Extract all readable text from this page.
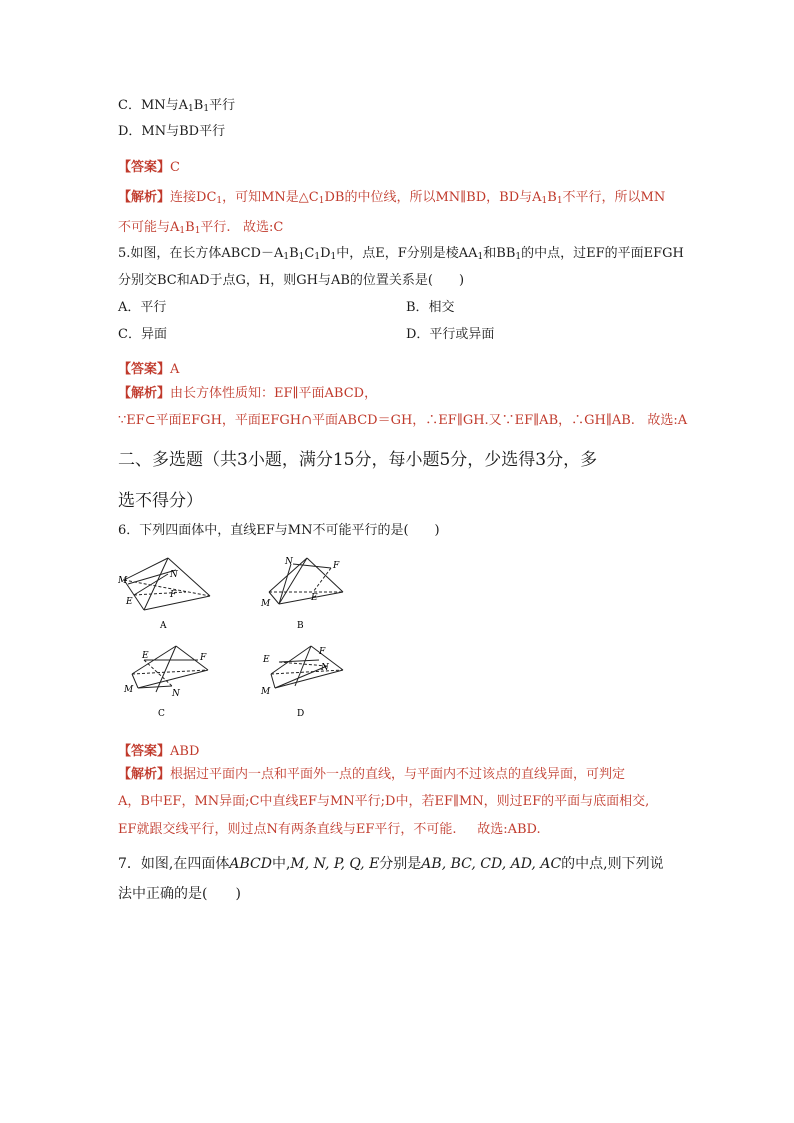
C．MN与$A_1B_1$平行
D．MN与BD平行
【答案】C
【解析】连接$DC_1$，可知MN是$\triangle C_1DB$的中位线，所以MN∥BD，BD与$A_1B_1$不平行，所以MN
不可能与$A_1B_1$平行. 故选:C
5.如图，在长方体$ABCD-A_1B_1C_1D_1$中，点E，F分别是棱$AA_1$和$BB_1$的中点，过EF的平面EFGH
分别交BC和AD于点G，H，则GH与AB的位置关系是(　　)
A．平行	B．相交
C．异面	D．平行或异面
【答案】A
【解析】由长方体性质知：EF∥平面ABCD，
∵EF⊂平面EFGH，平面EFGH∩平面ABCD＝GH，∴EF∥GH.又∵EF∥AB，∴GH∥AB. 故选:A
二、多选题（共3小题，满分15分，每小题5分，少选得3分，多
选不得分）
6．下列四面体中，直线EF与MN不可能平行的是(　　)
M
N
E
F
A
N	F
M
E
B
E	F
M	N
C
E
F
N
M
D
【答案】ABD
【解析】根据过平面内一点和平面外一点的直线，与平面内不过该点的直线异面，可判定
A，B中EF，MN异面;C中直线EF与MN平行;D中，若EF∥MN，则过EF的平面与底面相交,
EF就跟交线平行，则过点N有两条直线与EF平行，不可能. 故选:ABD.
7．如图,在四面体ABCD中,M, N, P, Q, E分别是AB, BC, CD, AD, AC的中点,则下列说
法中正确的是(　　)
